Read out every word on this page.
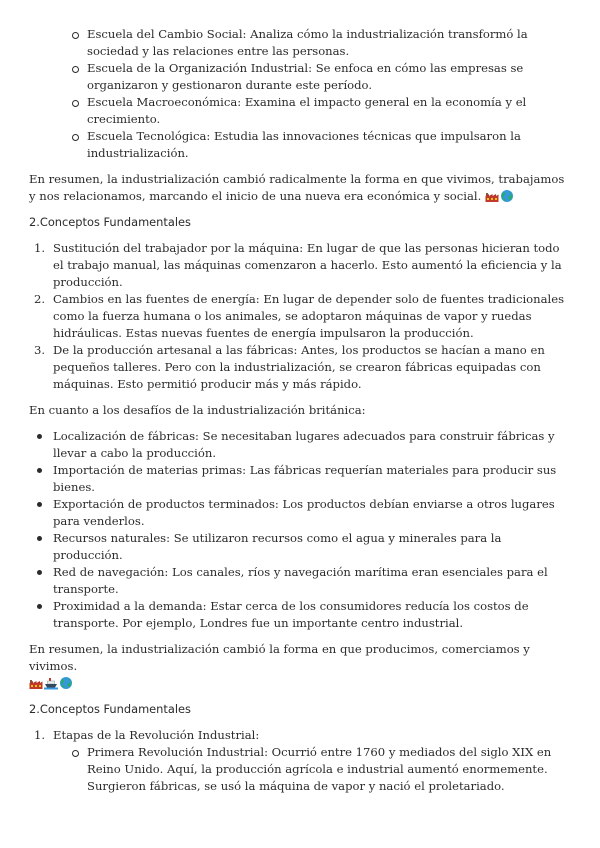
Escuela del Cambio Social: Analiza cómo la industrialización transformó la sociedad y las relaciones entre las personas.
Escuela de la Organización Industrial: Se enfoca en cómo las empresas se organizaron y gestionaron durante este período.
Escuela Macroeconómica: Examina el impacto general en la economía y el crecimiento.
Escuela Tecnológica: Estudia las innovaciones técnicas que impulsaron la industrialización.

En resumen, la industrialización cambió radicalmente la forma en que vivimos, trabajamos y nos relacionamos, marcando el inicio de una nueva era económica y social.

2.Conceptos Fundamentales

1. Sustitución del trabajador por la máquina: En lugar de que las personas hicieran todo el trabajo manual, las máquinas comenzaron a hacerlo. Esto aumentó la eficiencia y la producción.
2. Cambios en las fuentes de energía: En lugar de depender solo de fuentes tradicionales como la fuerza humana o los animales, se adoptaron máquinas de vapor y ruedas hidráulicas. Estas nuevas fuentes de energía impulsaron la producción.
3. De la producción artesanal a las fábricas: Antes, los productos se hacían a mano en pequeños talleres. Pero con la industrialización, se crearon fábricas equipadas con máquinas. Esto permitió producir más y más rápido.

En cuanto a los desafíos de la industrialización británica:

Localización de fábricas: Se necesitaban lugares adecuados para construir fábricas y llevar a cabo la producción.
Importación de materias primas: Las fábricas requerían materiales para producir sus bienes.
Exportación de productos terminados: Los productos debían enviarse a otros lugares para venderlos.
Recursos naturales: Se utilizaron recursos como el agua y minerales para la producción.
Red de navegación: Los canales, ríos y navegación marítima eran esenciales para el transporte.
Proximidad a la demanda: Estar cerca de los consumidores reducía los costos de transporte. Por ejemplo, Londres fue un importante centro industrial.

En resumen, la industrialización cambió la forma en que producimos, comerciamos y vivimos.

2.Conceptos Fundamentales

1. Etapas de la Revolución Industrial:
Primera Revolución Industrial: Ocurrió entre 1760 y mediados del siglo XIX en Reino Unido. Aquí, la producción agrícola e industrial aumentó enormemente. Surgieron fábricas, se usó la máquina de vapor y nació el proletariado.
